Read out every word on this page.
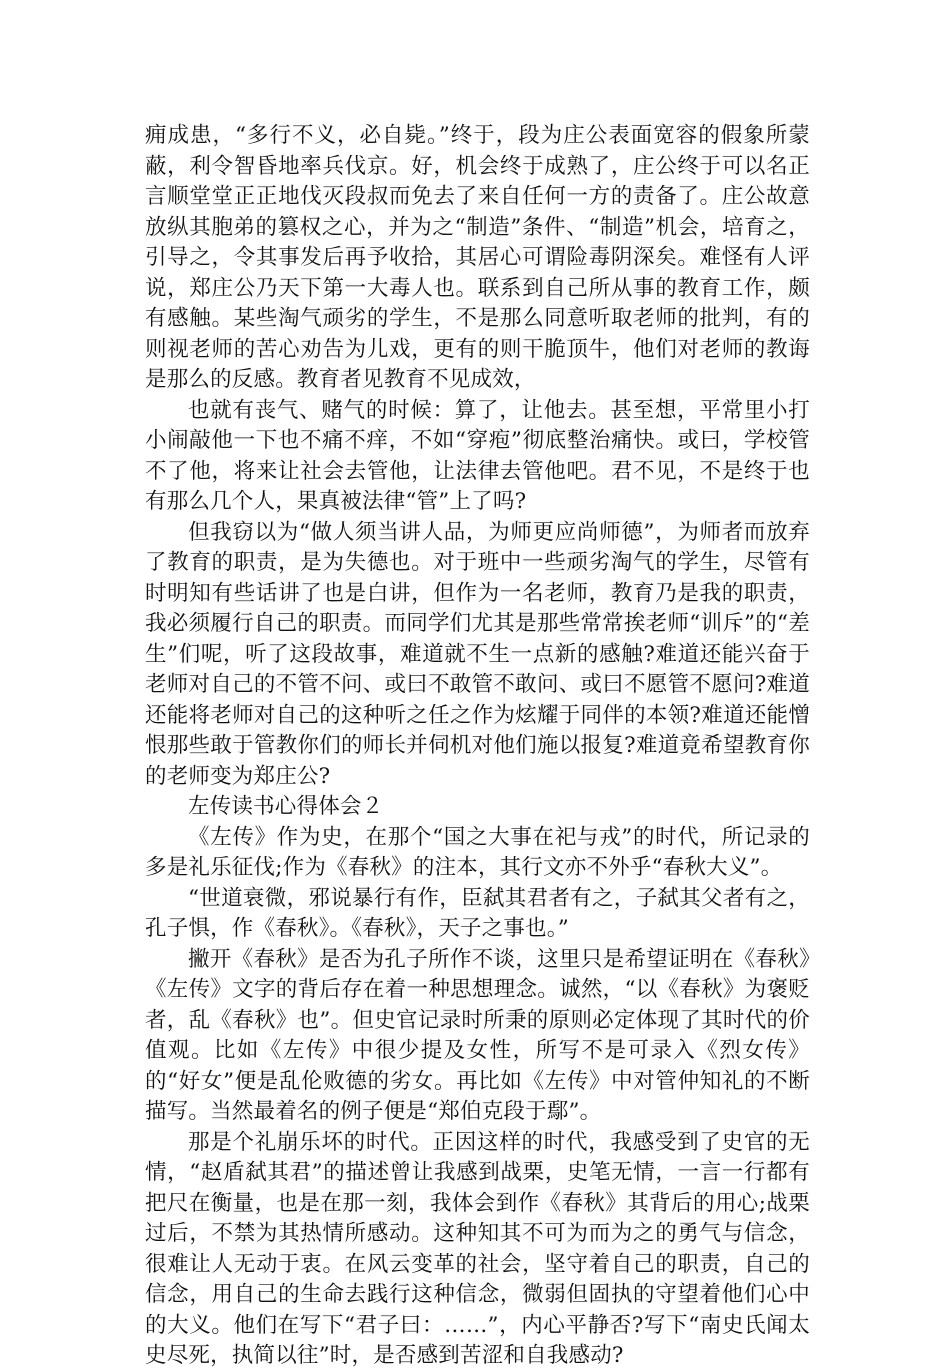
痈成患，“多行不义，必自毙。”终于，段为庄公表面宽容的假象所蒙蔽，利令智昏地率兵伐京。好，机会终于成熟了，庄公终于可以名正言顺堂堂正正地伐灭段叔而免去了来自任何一方的责备了。庄公故意放纵其胞弟的篡权之心，并为之“制造”条件、“制造”机会，培育之，引导之，令其事发后再予收拾，其居心可谓险毒阴深矣。难怪有人评说，郑庄公乃天下第一大毒人也。联系到自己所从事的教育工作，颇有感触。某些淘气顽劣的学生，不是那么同意听取老师的批判，有的则视老师的苦心劝告为儿戏，更有的则干脆顶牛，他们对老师的教诲是那么的反感。教育者见教育不见成效，

也就有丧气、赌气的时候：算了，让他去。甚至想，平常里小打小闹敲他一下也不痛不痒，不如“穿疱”彻底整治痛快。或曰，学校管不了他，将来让社会去管他，让法律去管他吧。君不见，不是终于也有那么几个人，果真被法律“管”上了吗?

但我窃以为“做人须当讲人品，为师更应尚师德”，为师者而放弃了教育的职责，是为失德也。对于班中一些顽劣淘气的学生，尽管有时明知有些话讲了也是白讲，但作为一名老师，教育乃是我的职责，我必须履行自己的职责。而同学们尤其是那些常常挨老师“训斥”的“差生”们呢，听了这段故事，难道就不生一点新的感触?难道还能兴奋于老师对自己的不管不问、或曰不敢管不敢问、或曰不愿管不愿问?难道还能将老师对自己的这种听之任之作为炫耀于同伴的本领?难道还能憎恨那些敢于管教你们的师长并伺机对他们施以报复?难道竟希望教育你的老师变为郑庄公?

左传读书心得体会２

《左传》作为史，在那个“国之大事在祀与戎”的时代，所记录的多是礼乐征伐;作为《春秋》的注本，其行文亦不外乎“春秋大义”。

“世道衰微，邪说暴行有作，臣弑其君者有之，子弑其父者有之，孔子惧，作《春秋》。《春秋》，天子之事也。”

撇开《春秋》是否为孔子所作不谈，这里只是希望证明在《春秋》《左传》文字的背后存在着一种思想理念。诚然，“以《春秋》为褒贬者，乱《春秋》也”。但史官记录时所秉的原则必定体现了其时代的价值观。比如《左传》中很少提及女性，所写不是可录入《烈女传》的“好女”便是乱伦败德的劣女。再比如《左传》中对管仲知礼的不断描写。当然最着名的例子便是“郑伯克段于鄢”。

那是个礼崩乐坏的时代。正因这样的时代，我感受到了史官的无情，“赵盾弑其君”的描述曾让我感到战栗，史笔无情，一言一行都有把尺在衡量，也是在那一刻，我体会到作《春秋》其背后的用心;战栗过后，不禁为其热情所感动。这种知其不可为而为之的勇气与信念，很难让人无动于衷。在风云变革的社会，坚守着自己的职责，自己的信念，用自己的生命去践行这种信念，微弱但固执的守望着他们心中的大义。他们在写下“君子曰：……”，内心平静否?写下“南史氏闻太史尽死，执简以往”时，是否感到苦涩和自我感动?
